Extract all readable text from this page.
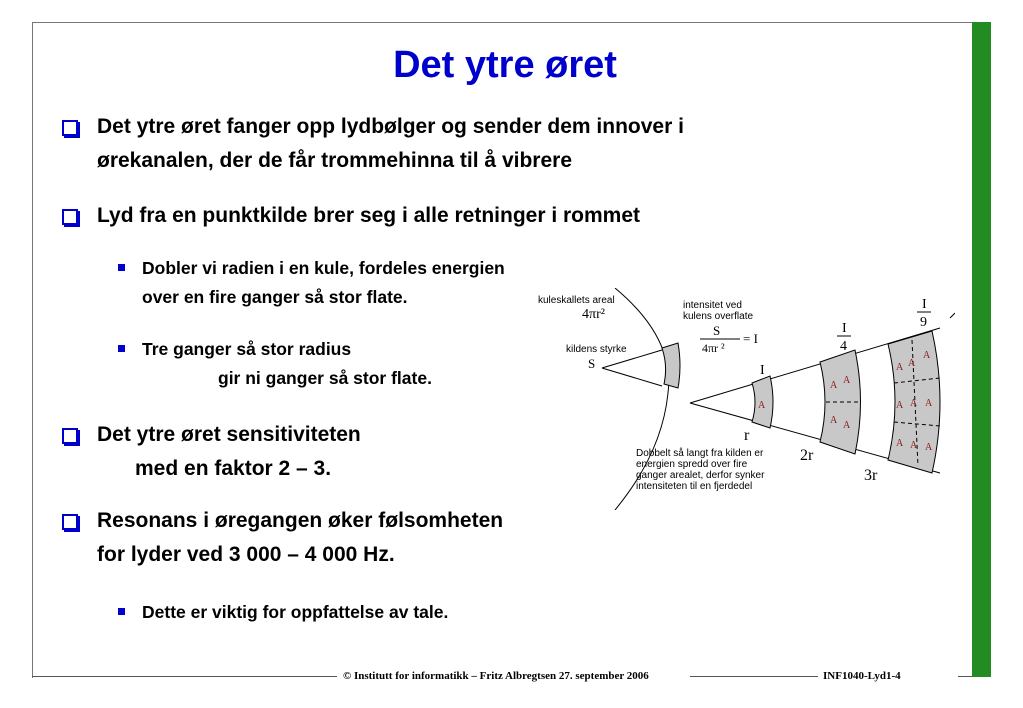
Det ytre øret
Det ytre øret fanger opp lydbølger og sender dem innover i
ørekanalen, der de får trommehinna til å vibrere
Lyd fra en punktkilde brer seg i alle retninger i rommet
Dobler vi radien i en kule, fordeles energien
over en fire ganger så stor flate.
Tre ganger så stor radius
gir ni ganger så stor flate.
Det ytre øret sensitiviteten
med en faktor 2 – 3.
Resonans i øregangen øker følsomheten
for lyder ved 3 000 – 4 000 Hz.
Dette er viktig for oppfattelse av tale.
A
A A
A A
A A
A
A A A
A A A
kuleskallets areal	intensitet ved
kulens overflate
kildens styrke
Dobbelt så langt fra kilden er
energien spredd over fire
ganger arealet, derfor synker
intensiteten til en fjerdedel
4πr²
S
4πr ²
= I
S	I
I
4
I
9
r
2r
3r
© Institutt for informatikk – Fritz Albregtsen 27. september 2006	INF1040-Lyd1-4
